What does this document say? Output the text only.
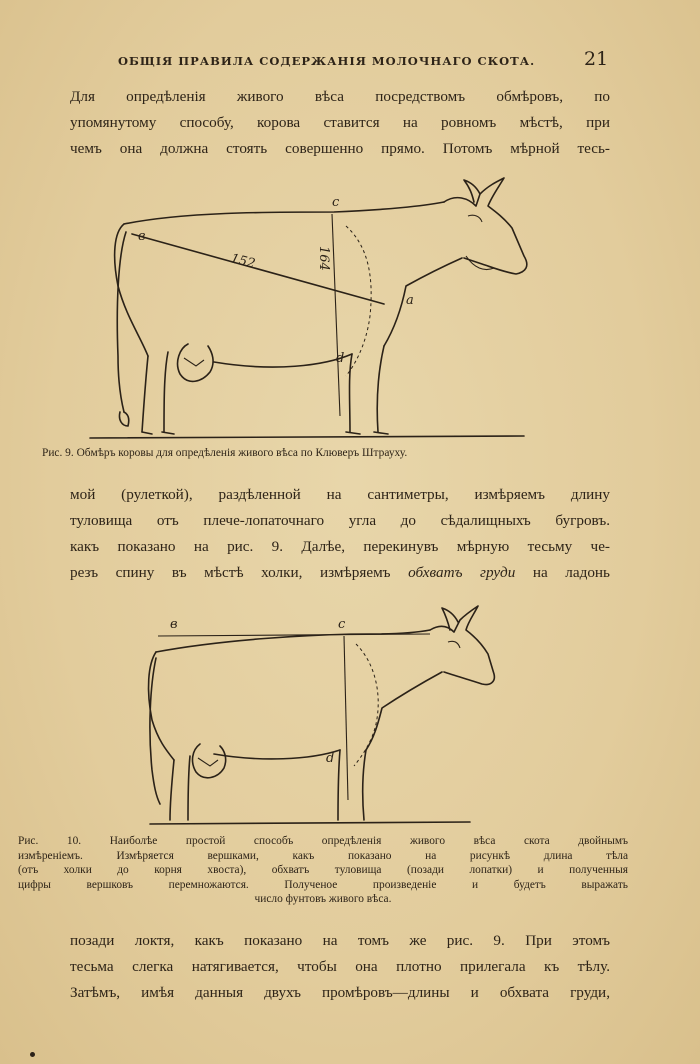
ОБЩІЯ ПРАВИЛА СОДЕРЖАНІЯ МОЛОЧНАГО СКОТА.	21

Для опредѣленія живого вѣса посредствомъ обмѣровъ, по
упомянутому способу, корова ставится на ровномъ мѣстѣ, при
чемъ она должна стоять совершенно прямо. Потомъ мѣрной тесь-

в
с
а
d
152	164
Рис. 9. Обмѣръ коровы для опредѣленія живого вѣса по Клюверъ Штрауху.

мой (рулеткой), раздѣленной на сантиметры, измѣряемъ длину
туловища отъ плече-лопаточнаго угла до сѣдалищныхъ бугровъ.
какъ показано на рис. 9. Далѣе, перекинувъ мѣрную тесьму че-
резъ спину въ мѣстѣ холки, измѣряемъ обхватъ груди на ладонь

в	с
d
Рис. 10. Наиболѣе простой способъ опредѣленія живого вѣса скота двойнымъ
измѣреніемъ. Измѣряется вершками, какъ показано на рисункѣ длина тѣла
(отъ холки до корня хвоста), обхватъ туловища (позади лопатки) и полученныя
цифры вершковъ перемножаются. Полученое произведеніе и будетъ выражать
число фунтовъ живого вѣса.

позади локтя, какъ показано на томъ же рис. 9. При этомъ
тесьма слегка натягивается, чтобы она плотно прилегала къ тѣлу.
Затѣмъ, имѣя данныя двухъ промѣровъ—длины и обхвата груди,
